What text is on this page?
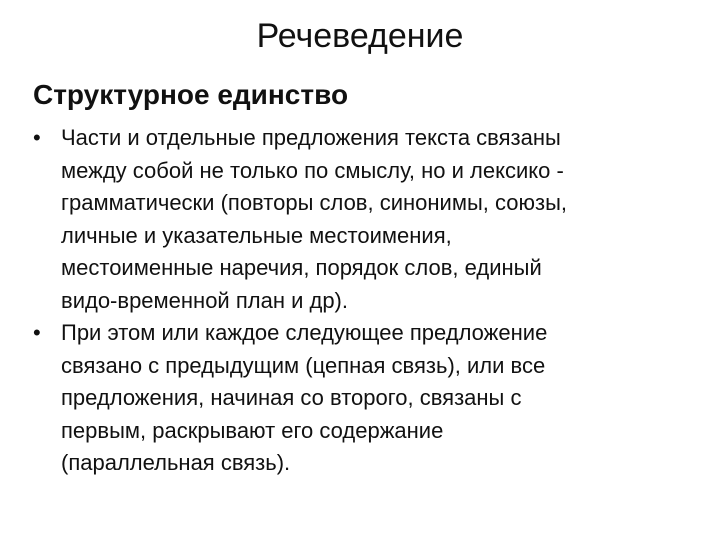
Речеведение
Структурное единство
• Части и отдельные предложения текста связаны
между собой не только по смыслу, но и лексико -
грамматически (повторы слов, синонимы, союзы,
личные и указательные местоимения,
местоименные наречия, порядок слов, единый
видо-временной план и др).
• При этом или каждое следующее предложение
связано с предыдущим (цепная связь), или все
предложения, начиная со второго, связаны с
первым, раскрывают его содержание
(параллельная связь).
